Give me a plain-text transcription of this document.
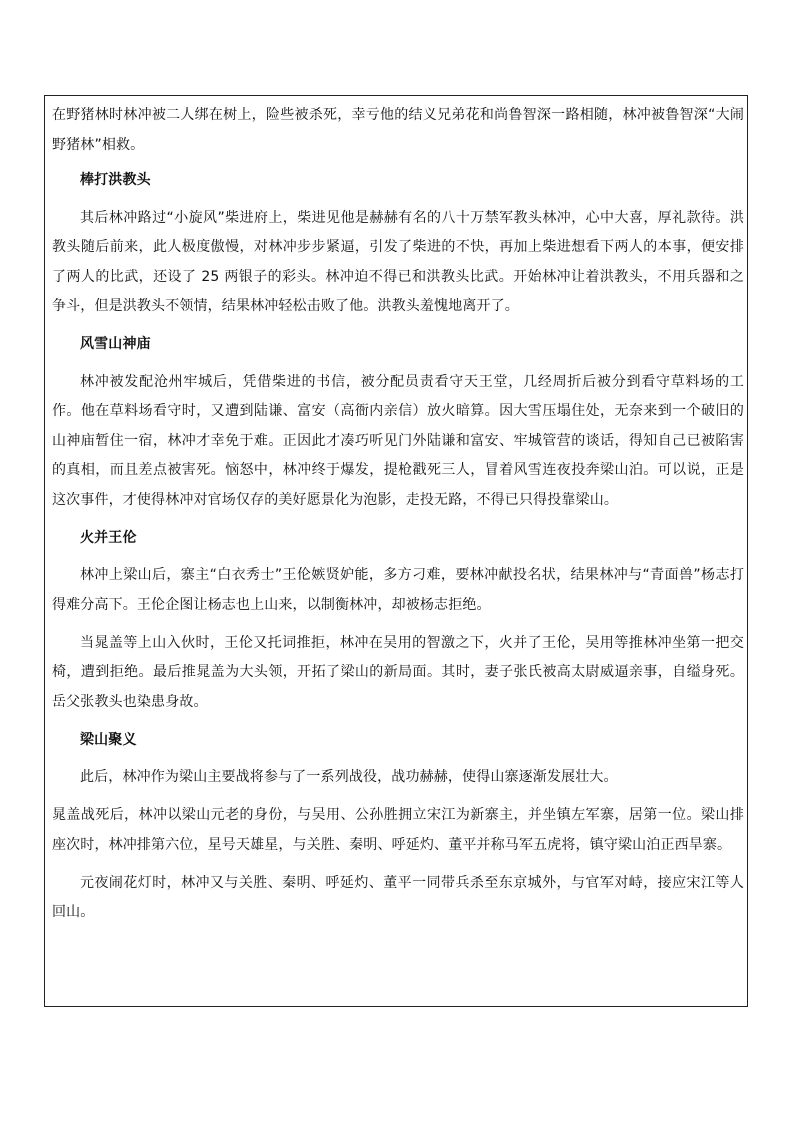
在野猪林时林冲被二人绑在树上，险些被杀死，幸亏他的结义兄弟花和尚鲁智深一路相随，林冲被鲁智深“大闹野猪林”相救。

棒打洪教头

其后林冲路过“小旋风”柴进府上，柴进见他是赫赫有名的八十万禁军教头林冲，心中大喜，厚礼款待。洪教头随后前来，此人极度傲慢，对林冲步步紧逼，引发了柴进的不快，再加上柴进想看下两人的本事，便安排了两人的比武，还设了 25 两银子的彩头。林冲迫不得已和洪教头比武。开始林冲让着洪教头，不用兵器和之争斗，但是洪教头不领情，结果林冲轻松击败了他。洪教头羞愧地离开了。

风雪山神庙

林冲被发配沧州牢城后，凭借柴进的书信，被分配员责看守天王堂，几经周折后被分到看守草料场的工作。他在草料场看守时，又遭到陆谦、富安（高衙内亲信）放火暗算。因大雪压塌住处，无奈来到一个破旧的山神庙暂住一宿，林冲才幸免于难。正因此才凑巧听见门外陆谦和富安、牢城管营的谈话，得知自己已被陷害的真相，而且差点被害死。恼怒中，林冲终于爆发，提枪戳死三人，冒着风雪连夜投奔梁山泊。可以说，正是这次事件，才使得林冲对官场仅存的美好愿景化为泡影，走投无路，不得已只得投靠梁山。

火并王伦

林冲上梁山后，寨主“白衣秀士”王伦嫉贤妒能，多方刁难，要林冲献投名状，结果林冲与“青面兽”杨志打得难分高下。王伦企图让杨志也上山来，以制衡林冲，却被杨志拒绝。

当晁盖等上山入伙时，王伦又托词推拒，林冲在吴用的智激之下，火并了王伦，吴用等推林冲坐第一把交椅，遭到拒绝。最后推晁盖为大头领，开拓了梁山的新局面。其时，妻子张氏被高太尉威逼亲事，自缢身死。岳父张教头也染患身故。

梁山聚义

此后，林冲作为梁山主要战将参与了一系列战役，战功赫赫，使得山寨逐渐发展壮大。

晁盖战死后，林冲以梁山元老的身份，与吴用、公孙胜拥立宋江为新寨主，并坐镇左军寨，居第一位。梁山排座次时，林冲排第六位，星号天雄星，与关胜、秦明、呼延灼、董平并称马军五虎将，镇守梁山泊正西旱寨。

元夜闹花灯时，林冲又与关胜、秦明、呼延灼、董平一同带兵杀至东京城外，与官军对峙，接应宋江等人回山。
